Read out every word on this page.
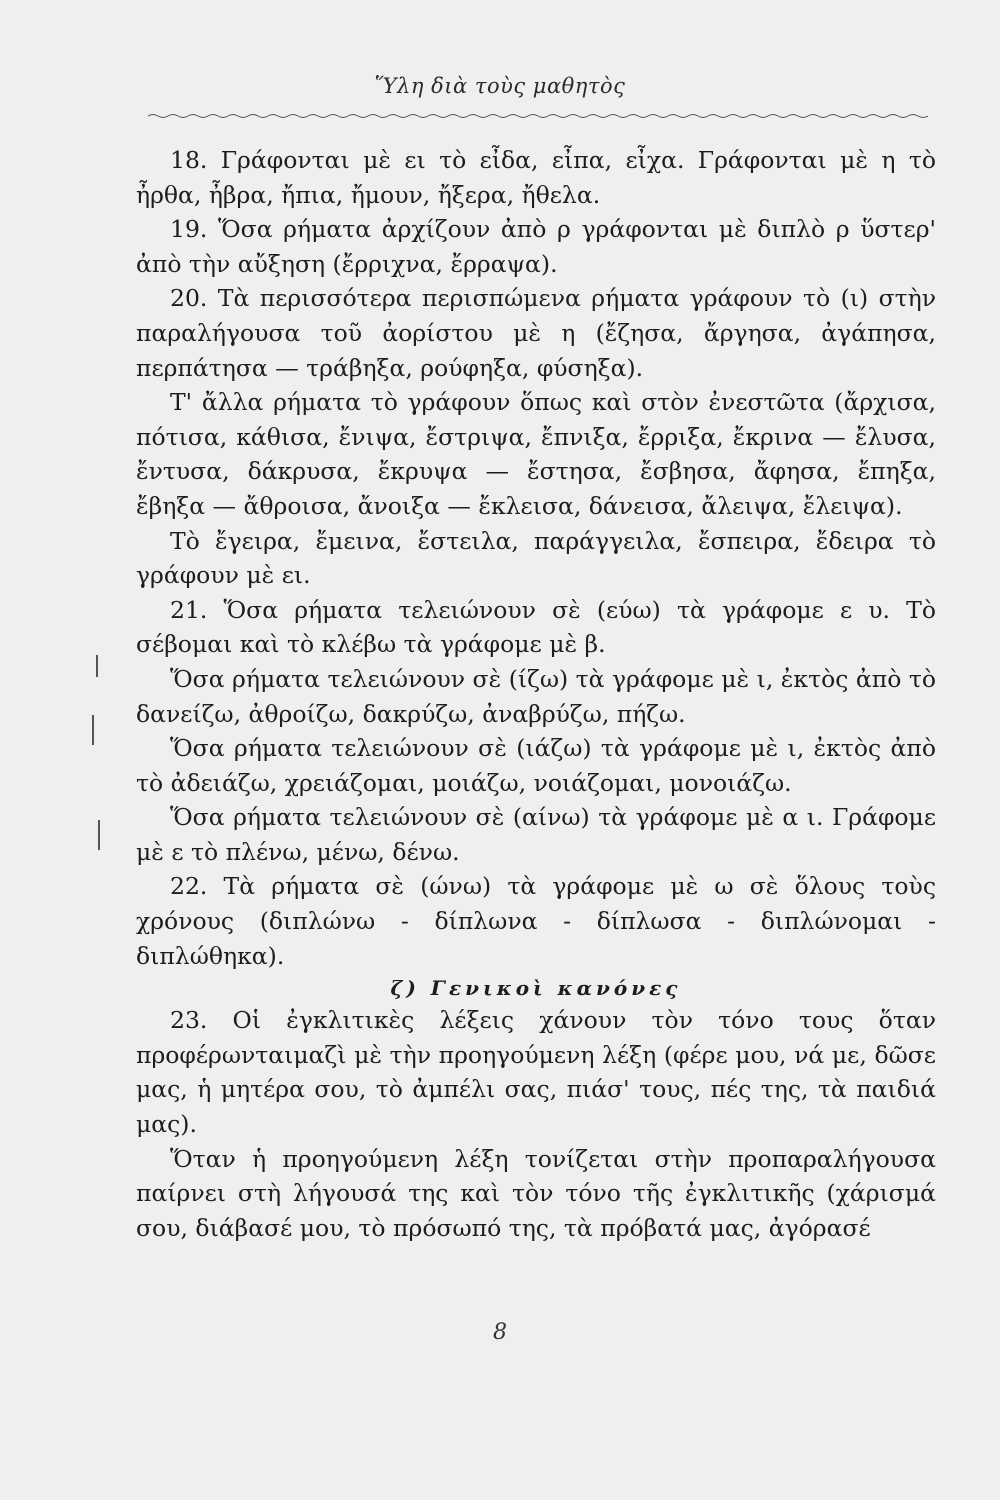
Ὕλη διὰ τοὺς μαθητὸς

18. Γράφονται μὲ ει τὸ εἶδα, εἶπα, εἶχα. Γράφονται μὲ η τὸ ἦρθα, ἦβρα, ἤπια, ἤμουν, ἤξερα, ἤθελα.

19. Ὅσα ρήματα ἀρχίζουν ἀπὸ ρ γράφονται μὲ διπλὸ ρ ὕστερ' ἀπὸ τὴν αὔξηση (ἔρριχνα, ἔρραψα).

20. Τὰ περισσότερα περισπώμενα ρήματα γράφουν τὸ (ι) στὴν παραλήγουσα τοῦ ἀορίστου μὲ η (ἔζησα, ἄργησα, ἀγάπησα, περπάτησα — τράβηξα, ρούφηξα, φύσηξα).

Τ' ἄλλα ρήματα τὸ γράφουν ὅπως καὶ στὸν ἐνεστῶτα (ἄρχισα, πότισα, κάθισα, ἔνιψα, ἔστριψα, ἔπνιξα, ἔρριξα, ἔκρινα — ἔλυσα, ἔντυσα, δάκρυσα, ἔκρυψα — ἔστησα, ἔσβησα, ἄφησα, ἔπηξα, ἔβηξα — ἄθροισα, ἄνοιξα — ἔκλεισα, δάνεισα, ἄλειψα, ἔλειψα).

Τὸ ἔγειρα, ἔμεινα, ἔστειλα, παράγγειλα, ἔσπειρα, ἔδειρα τὸ γράφουν μὲ ει.

21. Ὅσα ρήματα τελειώνουν σὲ (εύω) τὰ γράφομε ε υ. Τὸ σέβομαι καὶ τὸ κλέβω τὰ γράφομε μὲ β.

Ὅσα ρήματα τελειώνουν σὲ (ίζω) τὰ γράφομε μὲ ι, ἐκτὸς ἀπὸ τὸ δανείζω, ἀθροίζω, δακρύζω, ἀναβρύζω, πήζω.

Ὅσα ρήματα τελειώνουν σὲ (ιάζω) τὰ γράφομε μὲ ι, ἐκτὸς ἀπὸ τὸ ἀδειάζω, χρειάζομαι, μοιάζω, νοιάζομαι, μονοιάζω.

Ὅσα ρήματα τελειώνουν σὲ (αίνω) τὰ γράφομε μὲ α ι. Γράφομε μὲ ε τὸ πλένω, μένω, δένω.

22. Τὰ ρήματα σὲ (ώνω) τὰ γράφομε μὲ ω σὲ ὅλους τοὺς χρόνους (διπλώνω - δίπλωνα - δίπλωσα - διπλώνομαι - διπλώθηκα).

ζ) Γενικοὶ κανόνες

23. Οἱ ἐγκλιτικὲς λέξεις χάνουν τὸν τόνο τους ὅταν προφέρωνταιμαζὶ μὲ τὴν προηγούμενη λέξη (φέρε μου, νά με, δῶσε μας, ἡ μητέρα σου, τὸ ἀμπέλι σας, πιάσ' τους, πές της, τὰ παιδιά μας).

Ὅταν ἡ προηγούμενη λέξη τονίζεται στὴν προπαραλήγουσα παίρνει στὴ λήγουσά της καὶ τὸν τόνο τῆς ἐγκλιτικῆς (χάρισμά σου, διάβασέ μου, τὸ πρόσωπό της, τὰ πρόβατά μας, ἀγόρασέ

8
